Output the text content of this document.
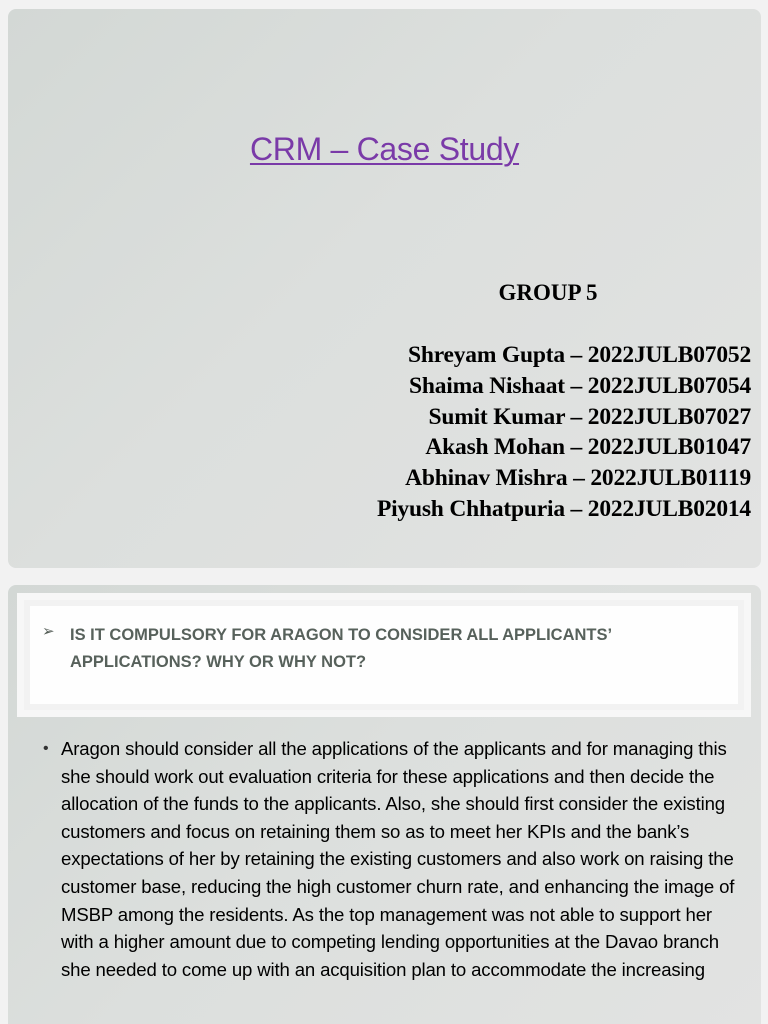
CRM – Case Study
GROUP 5
Shreyam Gupta – 2022JULB07052
Shaima Nishaat – 2022JULB07054
Sumit Kumar – 2022JULB07027
Akash Mohan – 2022JULB01047
Abhinav Mishra – 2022JULB01119
Piyush Chhatpuria – 2022JULB02014
➢ IS IT COMPULSORY FOR ARAGON TO CONSIDER ALL APPLICANTS’ APPLICATIONS? WHY OR WHY NOT?

• Aragon should consider all the applications of the applicants and for managing this she should work out evaluation criteria for these applications and then decide the allocation of the funds to the applicants. Also, she should first consider the existing customers and focus on retaining them so as to meet her KPIs and the bank’s expectations of her by retaining the existing customers and also work on raising the customer base, reducing the high customer churn rate, and enhancing the image of MSBP among the residents. As the top management was not able to support her with a higher amount due to competing lending opportunities at the Davao branch she needed to come up with an acquisition plan to accommodate the increasing
